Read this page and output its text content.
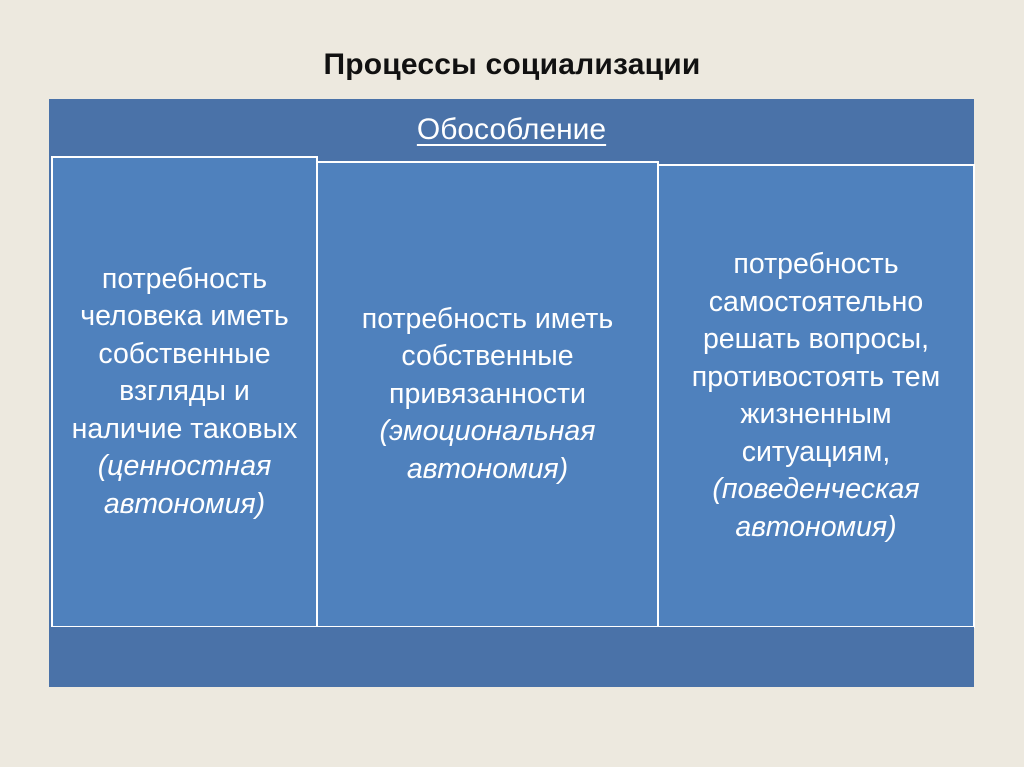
Процессы социализации
Обособление
потребность человека иметь собственные взгляды и наличие таковых (ценностная автономия)
потребность иметь собственные привязанности (эмоциональная автономия)
потребность самостоятельно решать вопросы, противостоять тем жизненным ситуациям, (поведенческая автономия)
